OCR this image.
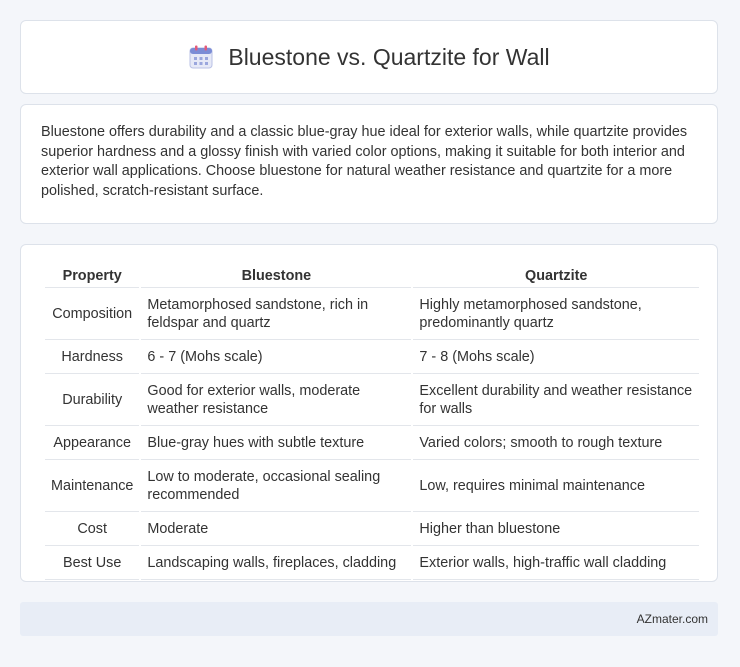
Bluestone vs. Quartzite for Wall

Bluestone offers durability and a classic blue-gray hue ideal for exterior walls, while quartzite provides superior hardness and a glossy finish with varied color options, making it suitable for both interior and exterior wall applications. Choose bluestone for natural weather resistance and quartzite for a more polished, scratch-resistant surface.

Property	Bluestone	Quartzite
Composition	Metamorphosed sandstone, rich in feldspar and quartz	Highly metamorphosed sandstone, predominantly quartz
Hardness	6 - 7 (Mohs scale)	7 - 8 (Mohs scale)
Durability	Good for exterior walls, moderate weather resistance	Excellent durability and weather resistance for walls
Appearance	Blue-gray hues with subtle texture	Varied colors; smooth to rough texture
Maintenance	Low to moderate, occasional sealing recommended	Low, requires minimal maintenance
Cost	Moderate	Higher than bluestone
Best Use	Landscaping walls, fireplaces, cladding	Exterior walls, high-traffic wall cladding
AZmater.com
